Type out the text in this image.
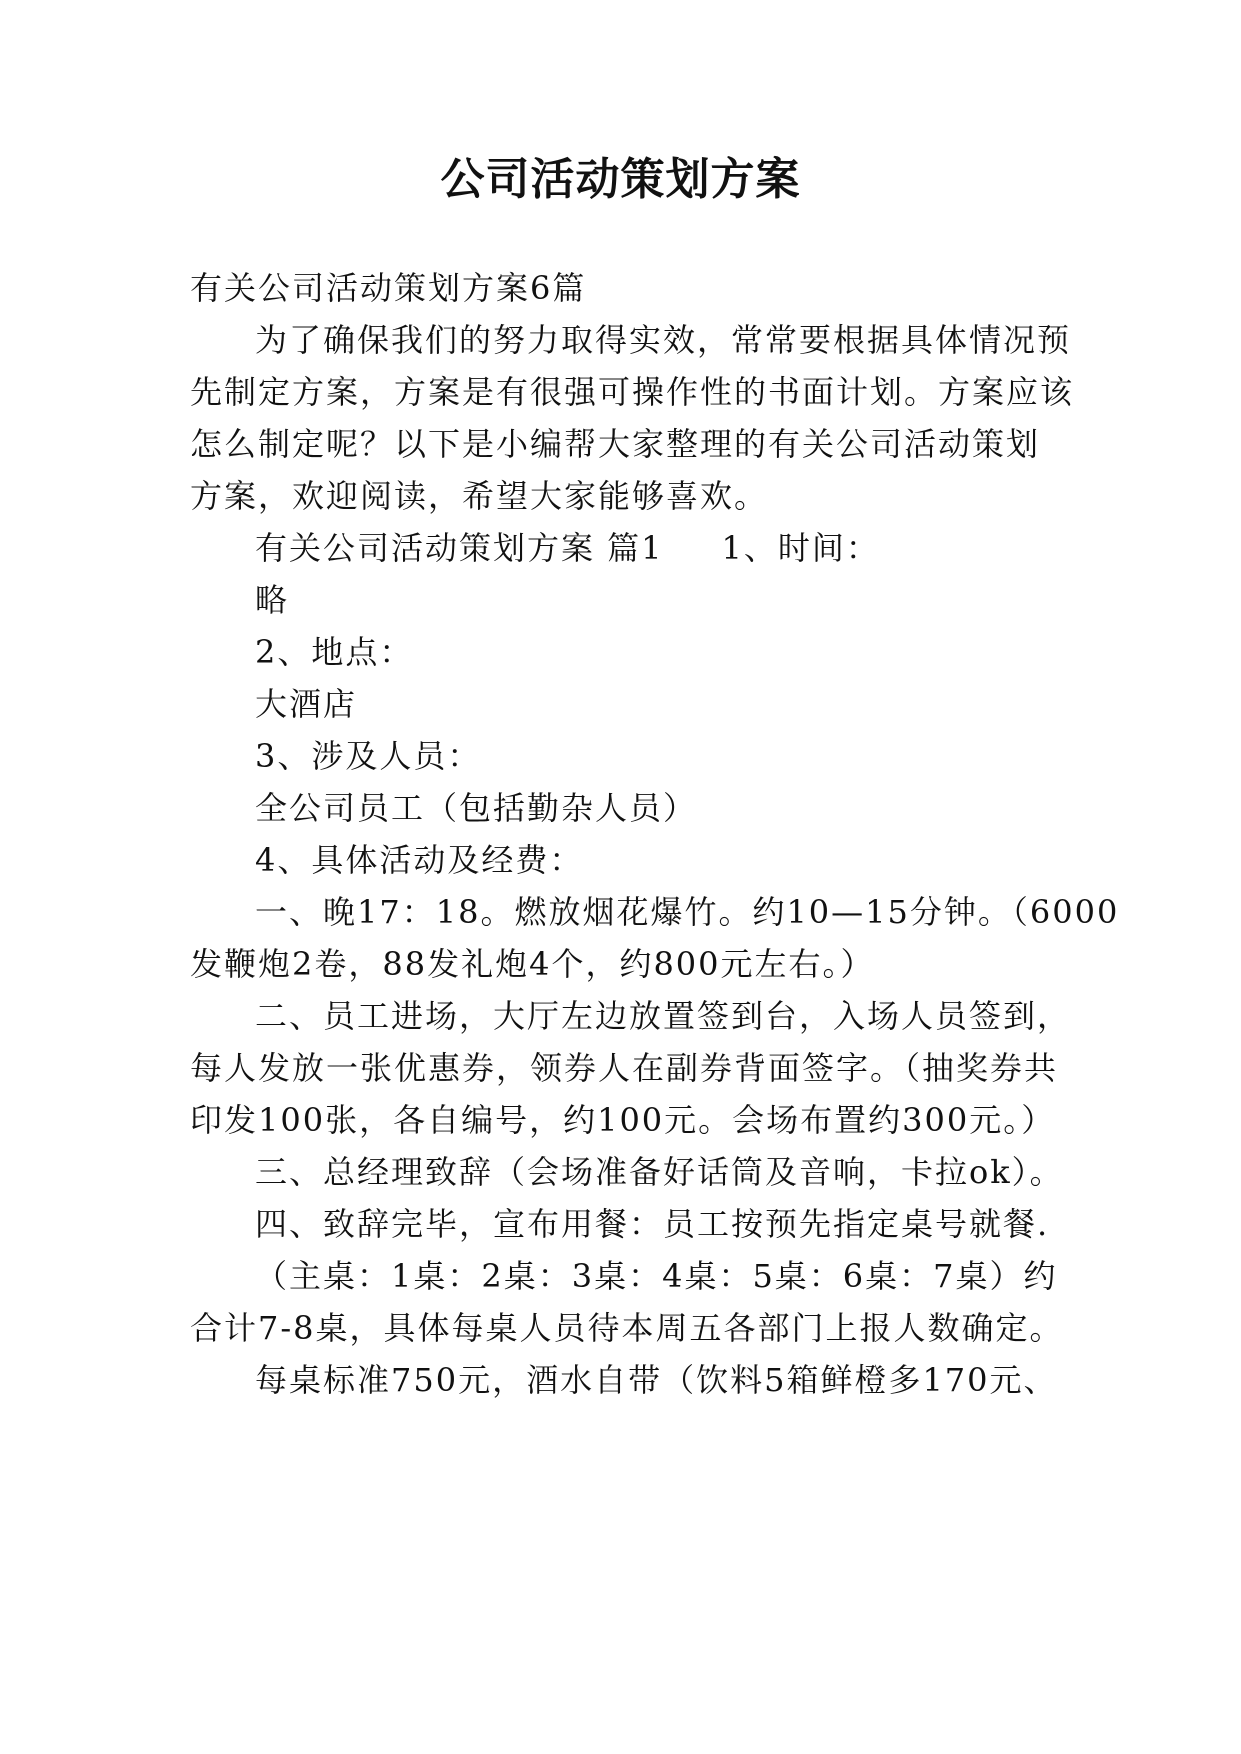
公司活动策划方案
有关公司活动策划方案6篇
为了确保我们的努力取得实效，常常要根据具体情况预
先制定方案，方案是有很强可操作性的书面计划。方案应该
怎么制定呢？以下是小编帮大家整理的有关公司活动策划
方案，欢迎阅读，希望大家能够喜欢。
有关公司活动策划方案 篇1 1、时间：
略
2、地点：
大酒店
3、涉及人员：
全公司员工（包括勤杂人员）
4、具体活动及经费：
一、晚17：18。燃放烟花爆竹。约10—15分钟。（6000
发鞭炮2卷，88发礼炮4个，约800元左右。）
二、员工进场，大厅左边放置签到台，入场人员签到，
每人发放一张优惠券，领券人在副券背面签字。（抽奖券共
印发100张，各自编号，约100元。会场布置约300元。）
三、总经理致辞（会场准备好话筒及音响，卡拉ok）。
四、致辞完毕，宣布用餐：员工按预先指定桌号就餐.
（主桌：1桌：2桌：3桌：4桌：5桌：6桌：7桌）约
合计7-8桌，具体每桌人员待本周五各部门上报人数确定。
每桌标准750元，酒水自带（饮料5箱鲜橙多170元、
